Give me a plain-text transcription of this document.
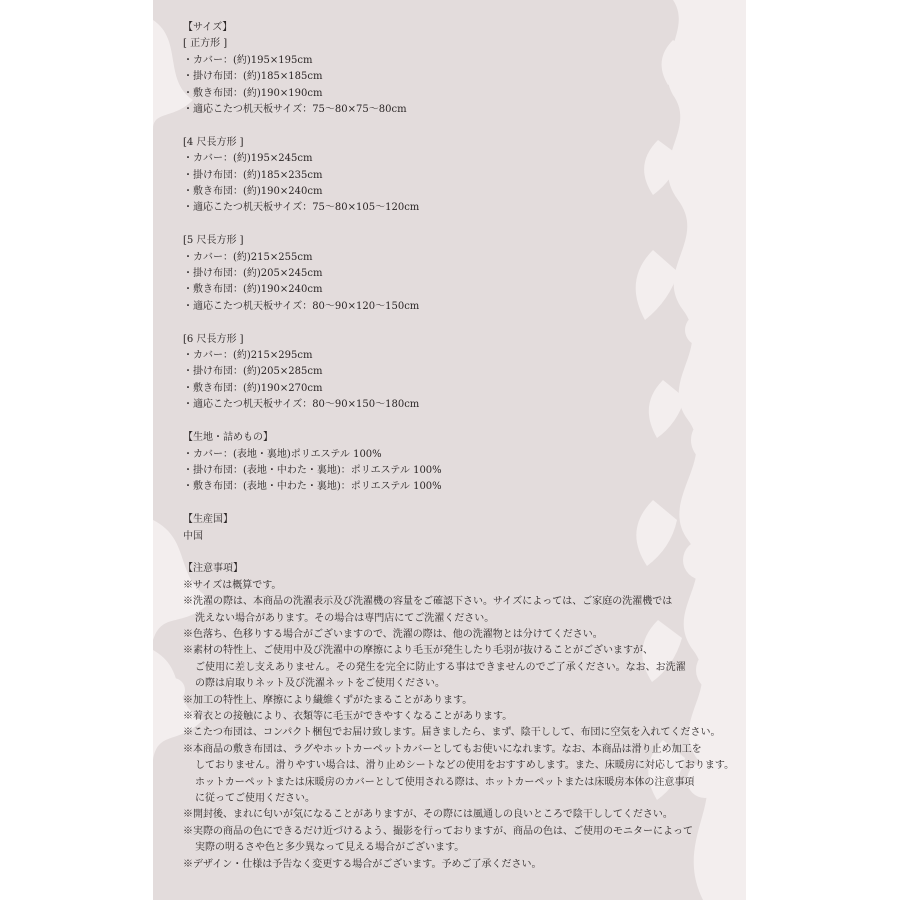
【サイズ】
[ 正方形 ]
・カバー：(約)195×195cm
・掛け布団：(約)185×185cm
・敷き布団：(約)190×190cm
・適応こたつ机天板サイズ：75～80×75～80cm
[4 尺長方形 ]
・カバー：(約)195×245cm
・掛け布団：(約)185×235cm
・敷き布団：(約)190×240cm
・適応こたつ机天板サイズ：75～80×105～120cm
[5 尺長方形 ]
・カバー：(約)215×255cm
・掛け布団：(約)205×245cm
・敷き布団：(約)190×240cm
・適応こたつ机天板サイズ：80～90×120～150cm
[6 尺長方形 ]
・カバー：(約)215×295cm
・掛け布団：(約)205×285cm
・敷き布団：(約)190×270cm
・適応こたつ机天板サイズ：80～90×150～180cm
【生地・詰めもの】
・カバー：(表地・裏地)ポリエステル 100%
・掛け布団：(表地・中わた・裏地)：ポリエステル 100%
・敷き布団：(表地・中わた・裏地)：ポリエステル 100%
【生産国】
中国
【注意事項】
※サイズは概算です。
※洗濯の際は、本商品の洗濯表示及び洗濯機の容量をご確認下さい。サイズによっては、ご家庭の洗濯機では
洗えない場合があります。その場合は専門店にてご洗濯ください。
※色落ち、色移りする場合がございますので、洗濯の際は、他の洗濯物とは分けてください。
※素材の特性上、ご使用中及び洗濯中の摩擦により毛玉が発生したり毛羽が抜けることがございますが、
ご使用に差し支えありません。その発生を完全に防止する事はできませんのでご了承ください。なお、お洗濯
の際は肩取りネット及び洗濯ネットをご使用ください。
※加工の特性上、摩擦により繊維くずがたまることがあります。
※着衣との接触により、衣類等に毛玉ができやすくなることがあります。
※こたつ布団は、コンパクト梱包でお届け致します。届きましたら、まず、陰干しして、布団に空気を入れてください。
※本商品の敷き布団は、ラグやホットカーペットカバーとしてもお使いになれます。なお、本商品は滑り止め加工を
しておりません。滑りやすい場合は、滑り止めシートなどの使用をおすすめします。また、床暖房に対応しております。
ホットカーペットまたは床暖房のカバーとして使用される際は、ホットカーペットまたは床暖房本体の注意事項
に従ってご使用ください。
※開封後、まれに匂いが気になることがありますが、その際には風通しの良いところで陰干ししてください。
※実際の商品の色にできるだけ近づけるよう、撮影を行っておりますが、商品の色は、ご使用のモニターによって
実際の明るさや色と多少異なって見える場合がございます。
※デザイン・仕様は予告なく変更する場合がございます。予めご了承ください。
